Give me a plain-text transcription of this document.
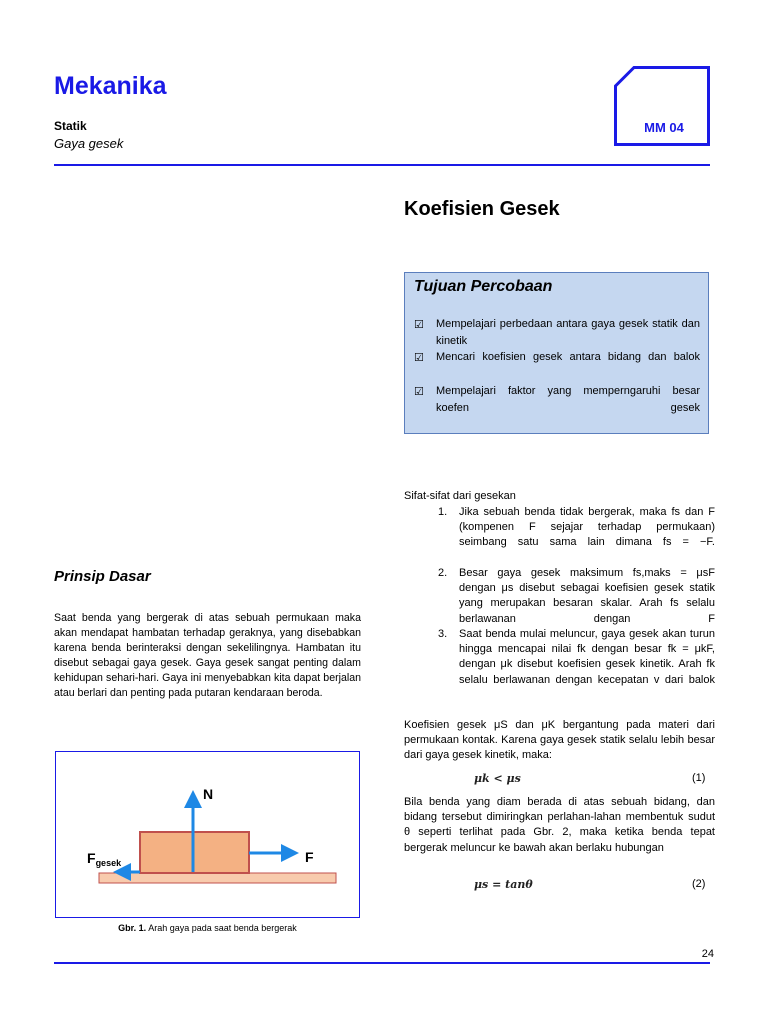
Mekanika
Statik
Gaya gesek
MM 04
Koefisien Gesek
Tujuan Percobaan
☑ Mempelajari perbedaan antara gaya gesek statik dan kinetik
☑ Mencari koefisien gesek antara bidang dan balok
☑ Mempelajari faktor yang memperngaruhi besar koefen gesek
Prinsip Dasar
Saat benda yang bergerak di atas sebuah permukaan maka akan mendapat hambatan terhadap geraknya, yang disebabkan karena benda berinteraksi dengan sekelilingnya. Hambatan itu disebut sebagai gaya gesek. Gaya gesek sangat penting dalam kehidupan sehari-hari. Gaya ini menyebabkan kita dapat berjalan atau berlari dan penting pada putaran kendaraan beroda.
N
F
$F_{gesek}$
Gbr. 1. Arah gaya pada saat benda bergerak
Sifat-sifat dari gesekan
1. Jika sebuah benda tidak bergerak, maka fs dan F (kompenen F sejajar terhadap permukaan) seimbang satu sama lain dimana fs = −F.
2. Besar gaya gesek maksimum fs,maks = μsF dengan μs disebut sebagai koefisien gesek statik yang merupakan besaran skalar. Arah fs selalu berlawanan dengan F
3. Saat benda mulai meluncur, gaya gesek akan turun hingga mencapai nilai fk dengan besar fk = μkF, dengan μk disebut koefisien gesek kinetik. Arah fk selalu berlawanan dengan kecepatan v dari balok
Koefisien gesek μS dan μK bergantung pada materi dari permukaan kontak. Karena gaya gesek statik selalu lebih besar dari gaya gesek kinetik, maka:
μk < μs	(1)
Bila benda yang diam berada di atas sebuah bidang, dan bidang tersebut dimiringkan perlahan-lahan membentuk sudut θ seperti terlihat pada Gbr. 2, maka ketika benda tepat bergerak meluncur ke bawah akan berlaku hubungan
μs = tanθ	(2)
24
